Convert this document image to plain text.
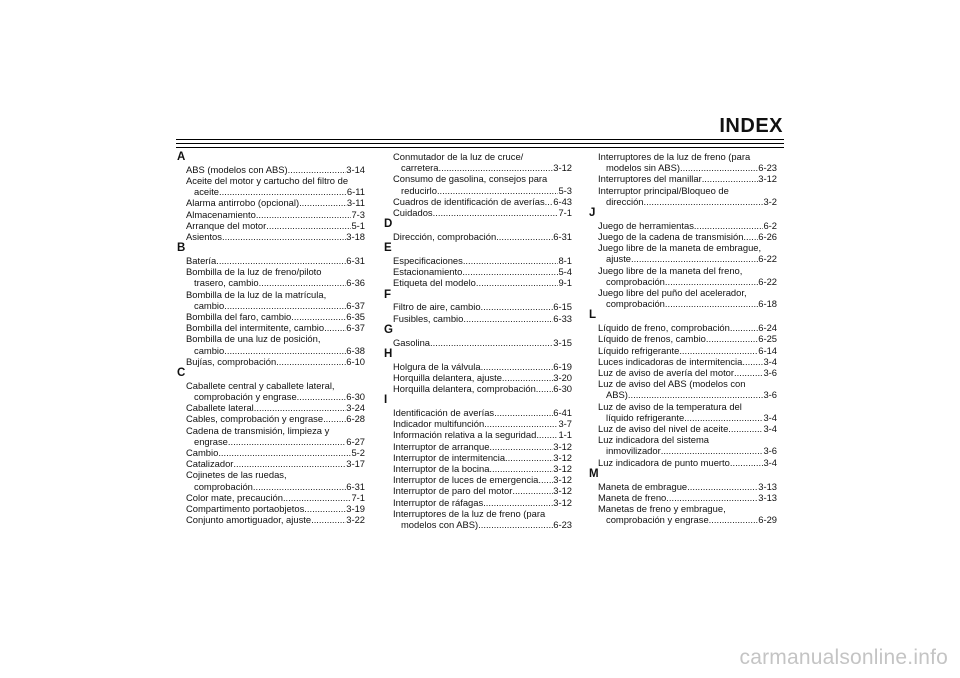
INDEX
A
ABS (modelos con ABS) .....	3-14
Aceite del motor y cartucho del filtro de
aceite .....	6-11
Alarma antirrobo (opcional) .....	3-11
Almacenamiento .....	7-3
Arranque del motor .....	5-1
Asientos .....	3-18
B
Batería .....	6-31
Bombilla de la luz de freno/piloto
trasero, cambio .....	6-36
Bombilla de la luz de la matrícula,
cambio .....	6-37
Bombilla del faro, cambio .....	6-35
Bombilla del intermitente, cambio ..... 6-37
Bombilla de una luz de posición,
cambio .....	6-38
Bujías, comprobación .....	6-10
C
Caballete central y caballete lateral,
comprobación y engrase .....	6-30
Caballete lateral .....	3-24
Cables, comprobación y engrase ..... 6-28
Cadena de transmisión, limpieza y
engrase .....	6-27
Cambio .....	5-2
Catalizador .....	3-17
Cojinetes de las ruedas,
comprobación .....	6-31
Color mate, precaución .....	7-1
Compartimento portaobjetos .....	3-19
Conjunto amortiguador, ajuste .....	3-22
Conmutador de la luz de cruce/
carretera .....	3-12
Consumo de gasolina, consejos para
reducirlo .....	5-3
Cuadros de identificación de averías ..... 6-43
Cuidados .....	7-1
D
Dirección, comprobación .....	6-31
E
Especificaciones .....	8-1
Estacionamiento .....	5-4
Etiqueta del modelo .....	9-1
F
Filtro de aire, cambio .....	6-15
Fusibles, cambio .....	6-33
G
Gasolina .....	3-15
H
Holgura de la válvula .....	6-19
Horquilla delantera, ajuste .....	3-20
Horquilla delantera, comprobación ..... 6-30
I
Identificación de averías .....	6-41
Indicador multifunción .....	3-7
Información relativa a la seguridad ..... 1-1
Interruptor de arranque .....	3-12
Interruptor de intermitencia .....	3-12
Interruptor de la bocina .....	3-12
Interruptor de luces de emergencia ..... 3-12
Interruptor de paro del motor .....	3-12
Interruptor de ráfagas .....	3-12
Interruptores de la luz de freno (para
modelos con ABS) .....	6-23
Interruptores de la luz de freno (para
modelos sin ABS) .....	6-23
Interruptores del manillar .....	3-12
Interruptor principal/Bloqueo de
dirección .....	3-2
J
Juego de herramientas .....	6-2
Juego de la cadena de transmisión ..... 6-26
Juego libre de la maneta de embrague,
ajuste .....	6-22
Juego libre de la maneta del freno,
comprobación .....	6-22
Juego libre del puño del acelerador,
comprobación .....	6-18
L
Líquido de freno, comprobación .....	6-24
Líquido de frenos, cambio .....	6-25
Líquido refrigerante .....	6-14
Luces indicadoras de intermitencia ..... 3-4
Luz de aviso de avería del motor .....	3-6
Luz de aviso del ABS (modelos con
ABS) .....	3-6
Luz de aviso de la temperatura del
líquido refrigerante .....	3-4
Luz de aviso del nivel de aceite .....	3-4
Luz indicadora del sistema
inmovilizador .....	3-6
Luz indicadora de punto muerto .....	3-4
M
Maneta de embrague .....	3-13
Maneta de freno .....	3-13
Manetas de freno y embrague,
comprobación y engrase .....	6-29
carmanualsonline.info
